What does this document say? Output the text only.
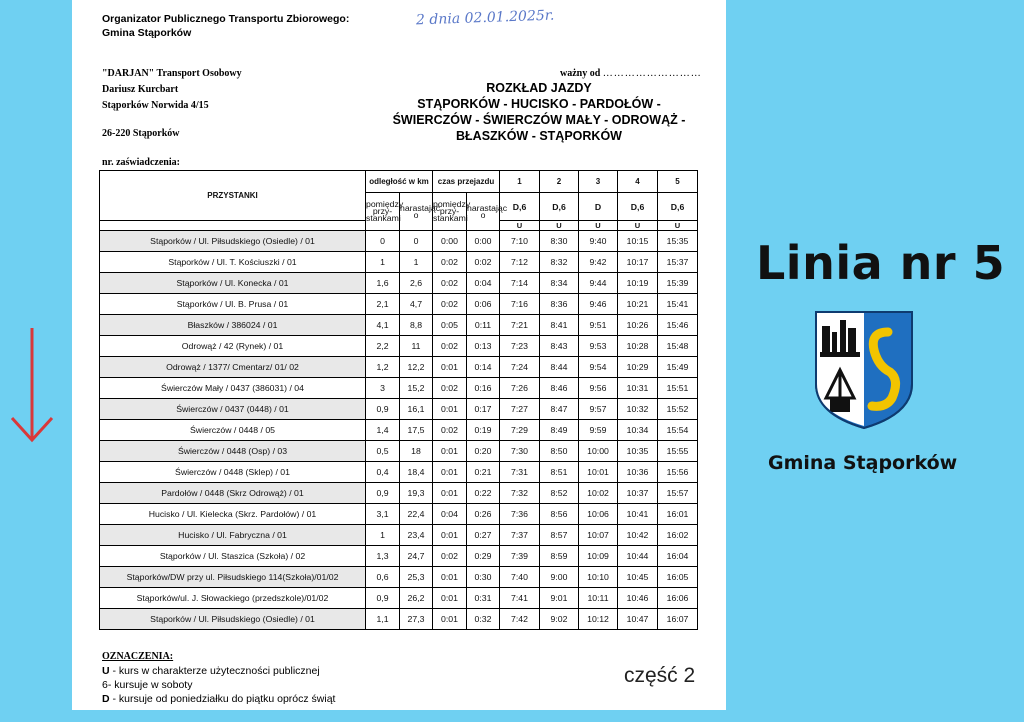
Organizator Publicznego Transportu Zbiorowego:
Gmina Stąporków
2 dnia 02.01.2025r.
"DARJAN" Transport Osobowy
Dariusz Kurcbart
Stąporków Norwida 4/15
26-220 Stąporków
ważny od ………………………
ROZKŁAD JAZDY
STĄPORKÓW - HUCISKO - PARDOŁÓW -
ŚWIERCZÓW - ŚWIERCZÓW MAŁY - ODROWĄŻ -
BŁASZKÓW - STĄPORKÓW
nr. zaświadczenia:
PRZYSTANKI	odległość w km		czas przejazdu		1	2	3	4	5
	pomiędzy przy-stankami	narastając o	pomiędzy przy-stankami	narastając o	D,6	D,6	D	D,6	D,6
					U	U	U	U	U
Stąporków / Ul. Piłsudskiego (Osiedle) / 01	0	0	0:00	0:00	7:10	8:30	9:40	10:15	15:35
Stąporków / Ul. T. Kościuszki / 01	1	1	0:02	0:02	7:12	8:32	9:42	10:17	15:37
Stąporków / Ul. Konecka / 01	1,6	2,6	0:02	0:04	7:14	8:34	9:44	10:19	15:39
Stąporków / Ul. B. Prusa / 01	2,1	4,7	0:02	0:06	7:16	8:36	9:46	10:21	15:41
Błaszków / 386024 / 01	4,1	8,8	0:05	0:11	7:21	8:41	9:51	10:26	15:46
Odrowąż / 42 (Rynek) / 01	2,2	11	0:02	0:13	7:23	8:43	9:53	10:28	15:48
Odrowąż / 1377/ Cmentarz/ 01/ 02	1,2	12,2	0:01	0:14	7:24	8:44	9:54	10:29	15:49
Świerczów Mały / 0437 (386031) / 04	3	15,2	0:02	0:16	7:26	8:46	9:56	10:31	15:51
Świerczów / 0437 (0448) / 01	0,9	16,1	0:01	0:17	7:27	8:47	9:57	10:32	15:52
Świerczów / 0448 / 05	1,4	17,5	0:02	0:19	7:29	8:49	9:59	10:34	15:54
Świerczów / 0448 (Osp) / 03	0,5	18	0:01	0:20	7:30	8:50	10:00	10:35	15:55
Świerczów / 0448 (Sklep) / 01	0,4	18,4	0:01	0:21	7:31	8:51	10:01	10:36	15:56
Pardołów / 0448 (Skrz Odrowąż) / 01	0,9	19,3	0:01	0:22	7:32	8:52	10:02	10:37	15:57
Hucisko / Ul. Kielecka (Skrz. Pardołów) / 01	3,1	22,4	0:04	0:26	7:36	8:56	10:06	10:41	16:01
Hucisko / Ul. Fabryczna / 01	1	23,4	0:01	0:27	7:37	8:57	10:07	10:42	16:02
Stąporków / Ul. Staszica (Szkoła) / 02	1,3	24,7	0:02	0:29	7:39	8:59	10:09	10:44	16:04
Stąporków/DW przy ul. Piłsudskiego 114(Szkoła)/01/02	0,6	25,3	0:01	0:30	7:40	9:00	10:10	10:45	16:05
Stąporków/ul. J. Słowackiego (przedszkole)/01/02	0,9	26,2	0:01	0:31	7:41	9:01	10:11	10:46	16:06
Stąporków / Ul. Piłsudskiego (Osiedle) / 01	1,1	27,3	0:01	0:32	7:42	9:02	10:12	10:47	16:07
OZNACZENIA:
U - kurs w charakterze użyteczności publicznej
6- kursuje w soboty
D - kursuje od poniedziałku do piątku oprócz świąt
część 2
Linia nr 5
Gmina Stąporków
